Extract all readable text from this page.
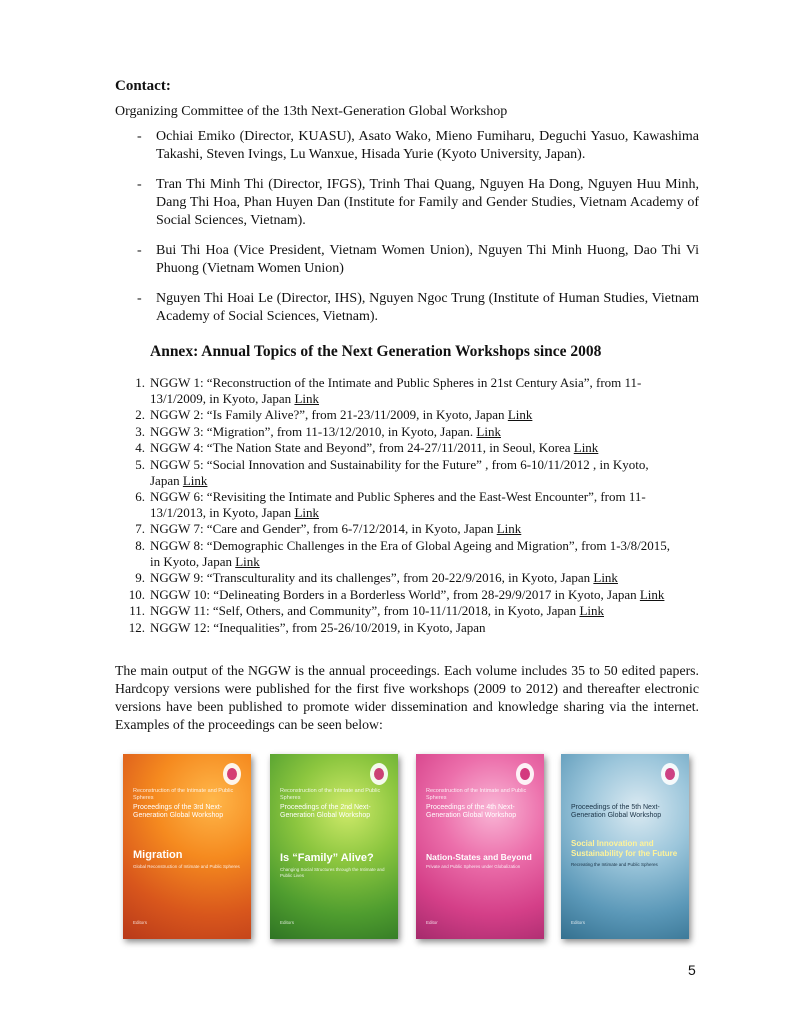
Contact:
Organizing Committee of the 13th Next-Generation Global Workshop
- Ochiai Emiko (Director, KUASU), Asato Wako, Mieno Fumiharu, Deguchi Yasuo, Kawashima Takashi, Steven Ivings, Lu Wanxue, Hisada Yurie (Kyoto University, Japan).
- Tran Thi Minh Thi (Director, IFGS), Trinh Thai Quang, Nguyen Ha Dong, Nguyen Huu Minh, Dang Thi Hoa, Phan Huyen Dan (Institute for Family and Gender Studies, Vietnam Academy of Social Sciences, Vietnam).
- Bui Thi Hoa (Vice President, Vietnam Women Union), Nguyen Thi Minh Huong, Dao Thi Vi Phuong (Vietnam Women Union)
- Nguyen Thi Hoai Le (Director, IHS), Nguyen Ngoc Trung (Institute of Human Studies, Vietnam Academy of Social Sciences, Vietnam).
Annex: Annual Topics of the Next Generation Workshops since 2008
1. NGGW 1: “Reconstruction of the Intimate and Public Spheres in 21st Century Asia”, from 11-13/1/2009, in Kyoto, Japan Link
2. NGGW 2: “Is Family Alive?”, from 21-23/11/2009, in Kyoto, Japan Link
3. NGGW 3: “Migration”, from 11-13/12/2010, in Kyoto, Japan. Link
4. NGGW 4: “The Nation State and Beyond”, from 24-27/11/2011, in Seoul, Korea Link
5. NGGW 5: “Social Innovation and Sustainability for the Future” , from 6-10/11/2012 , in Kyoto, Japan Link
6. NGGW 6: “Revisiting the Intimate and Public Spheres and the East-West Encounter”, from 11-13/1/2013, in Kyoto, Japan Link
7. NGGW 7: “Care and Gender”, from 6-7/12/2014, in Kyoto, Japan Link
8. NGGW 8: “Demographic Challenges in the Era of Global Ageing and Migration”, from 1-3/8/2015, in Kyoto, Japan Link
9. NGGW 9: “Transculturality and its challenges”, from 20-22/9/2016, in Kyoto, Japan Link
10. NGGW 10: “Delineating Borders in a Borderless World”, from 28-29/9/2017 in Kyoto, Japan Link
11. NGGW 11: “Self, Others, and Community”, from 10-11/11/2018, in Kyoto, Japan Link
12. NGGW 12: “Inequalities”, from 25-26/10/2019, in Kyoto, Japan
The main output of the NGGW is the annual proceedings. Each volume includes 35 to 50 edited papers. Hardcopy versions were published for the first five workshops (2009 to 2012) and thereafter electronic versions have been published to promote wider dissemination and knowledge sharing via the internet. Examples of the proceedings can be seen below:
Reconstruction of the Intimate and Public Spheres
Proceedings of the 3rd Next-Generation Global Workshop
Migration
Global Reconstruction of Intimate and Public Spheres
Editors
Reconstruction of the Intimate and Public Spheres
Proceedings of the 2nd Next-Generation Global Workshop
Is “Family” Alive?
Changing Social Structures through the Intimate and Public Lives
Editors
Reconstruction of the Intimate and Public Spheres
Proceedings of the 4th Next-Generation Global Workshop
Nation-States and Beyond
Private and Public Spheres under Globalization
Editor
Proceedings of the 5th Next-Generation Global Workshop
Social Innovation and Sustainability for the Future
Recreating the Intimate and Public Spheres
Editors
5
